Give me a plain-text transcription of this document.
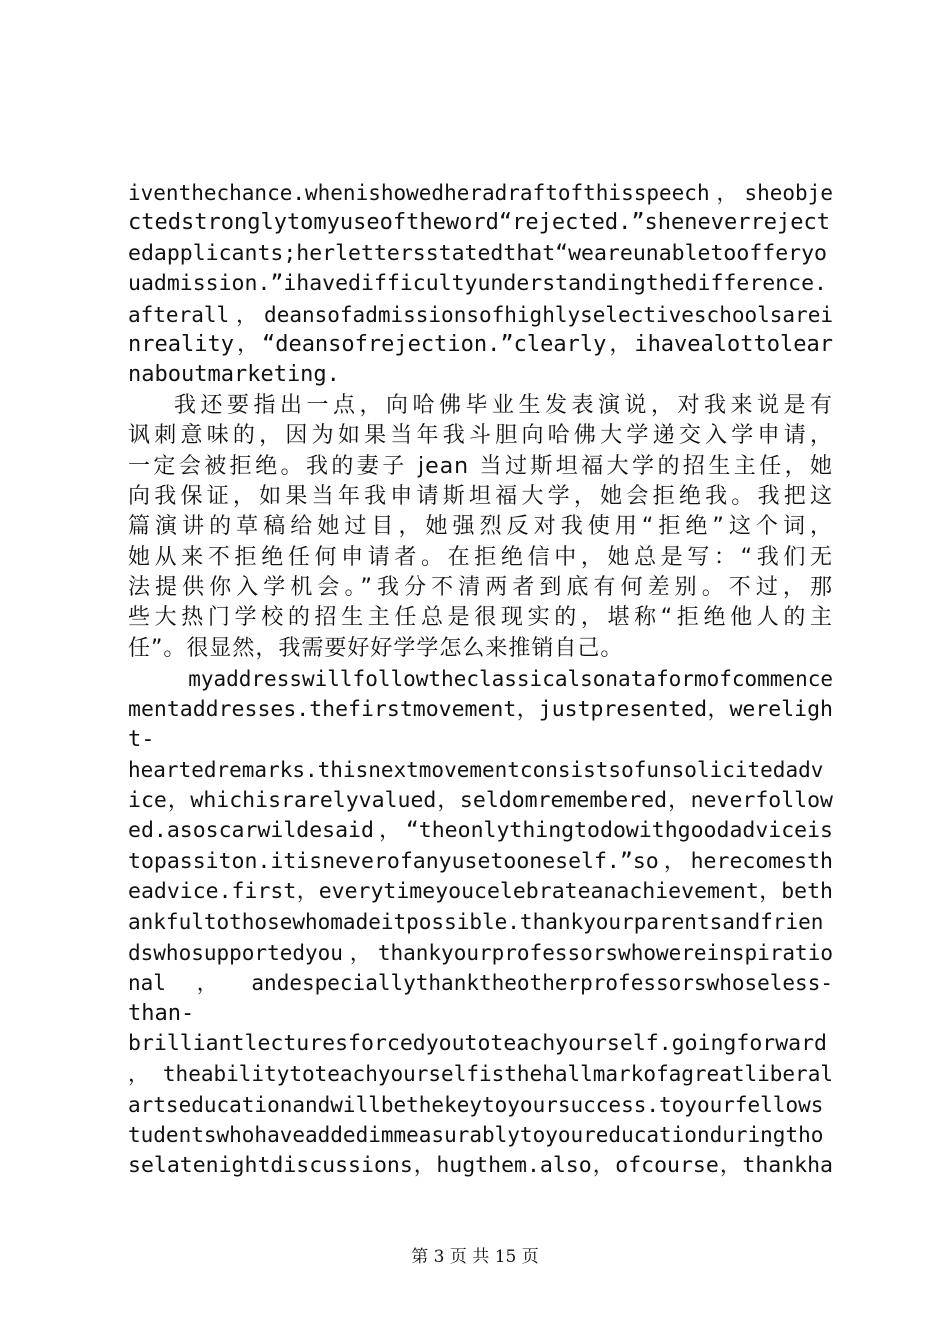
iventhechance.whenishowedheradraftofthisspeech，sheobje
ctedstronglytomyuseoftheword“rejected.”sheneverreject
edapplicants;herlettersstatedthat“weareunabletoofferyo
uadmission.”ihavedifficultyunderstandingthedifference.
afterall，deansofadmissionsofhighlyselectiveschoolsarei
nreality，“deansofrejection.”clearly，ihavealottolear
naboutmarketing.
我还要指出一点，向哈佛毕业生发表演说，对我来说是有
讽刺意味的，因为如果当年我斗胆向哈佛大学递交入学申请，
一定会被拒绝。我的妻子 jean 当过斯坦福大学的招生主任，她
向我保证，如果当年我申请斯坦福大学，她会拒绝我。我把这
篇演讲的草稿给她过目，她强烈反对我使用“拒绝”这个词，
她从来不拒绝任何申请者。在拒绝信中，她总是写：“我们无
法提供你入学机会。”我分不清两者到底有何差别。不过，那
些大热门学校的招生主任总是很现实的，堪称“拒绝他人的主
任”。很显然，我需要好好学学怎么来推销自己。
myaddresswillfollowtheclassicalsonataformofcommence
mentaddresses.thefirstmovement，justpresented，wereligh
t-
heartedremarks.thisnextmovementconsistsofunsolicitedadv
ice，whichisrarelyvalued，seldomremembered，neverfollow
ed.asoscarwildesaid，“theonlythingtodowithgoodadviceis
topassiton.itisneverofanyusetooneself.”so，herecomesth
eadvice.first，everytimeyoucelebrateanachievement，beth
ankfultothosewhomadeitpossible.thankyourparentsandfrien
dswhosupportedyou，thankyourprofessorswhowereinspiratio
nal  ，  andespeciallythanktheotherprofessorswhoseless-
than-
brilliantlecturesforcedyoutoteachyourself.goingforward
，theabilitytoteachyourselfisthehallmarkofagreatliberal
artseducationandwillbethekeytoyoursuccess.toyourfellows
tudentswhohaveaddedimmeasurablytoyoureducationduringtho
selatenightdiscussions，hugthem.also，ofcourse，thankha
第 3 页 共 15 页
